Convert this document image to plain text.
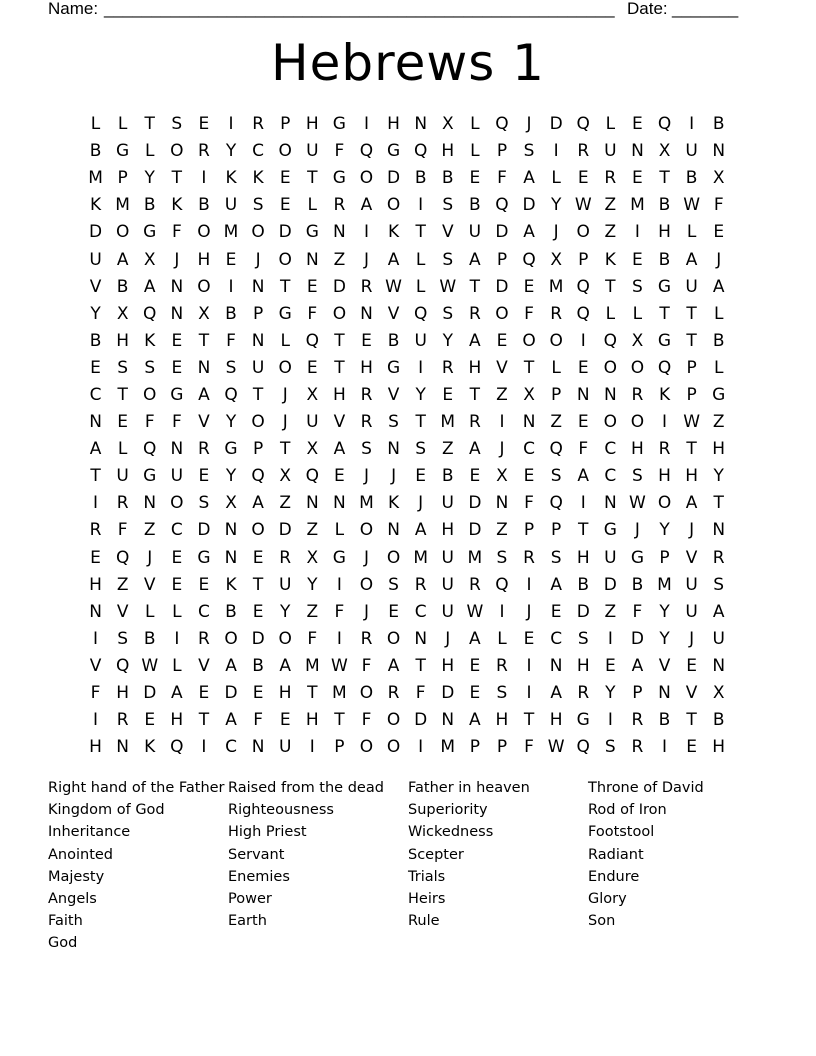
Name: ______________________________________________________ Date: _______
Hebrews 1
L	L	T S E	I	R P H G	I	H N X L Q	J	D Q L E Q	I	B
B G L O R Y C O U F Q G Q H L	P S	I	R U N X U N
M P Y T	I	K K E T G O D B B E F A L E R E T B X
K M B K B U S E L R A O	I	S B Q D Y W Z M B W F
D O G F O M O D G N	I	K T V U D A	J	O Z	I	H L E
U A X	J	H E	J	O N Z	J	A L S A P Q X P K E B A	J
V B A N O	I	N T E D R W L W T D E M Q T S G U A
Y X Q N X B P G F O N V Q S R O F R Q L	L	T T	L
B H K E T	F N L Q T E B U Y A E O O	I	Q X G T B
E S S E N S U O E T H G	I	R H V T	L E O O Q P	L
C T O G A Q T	J	X H R V Y E T Z X P N N R K P G
N E F	F V Y O	J	U V R S T M R	I	N Z E O O	I W Z
A L Q N R G P T X A S N S Z A	J	C Q F C H R T H
T U G U E Y Q X Q E	J	J	E B E X E S A C S H H Y
I	R N O S X A Z N N M K	J	U D N F Q	I	N W O A T
R F Z C D N O D Z L O N A H D Z P P T G	J	Y	J	N
E Q	J	E G N E R X G	J	O M U M S R S H U G P V R
H Z V E E K T U Y	I	O S R U R Q	I	A B D B M U S
N V L	L C B E Y Z F	J	E C U W I	J	E D Z F	Y U A
I	S B	I	R O D O F	I	R O N	J	A L E C S	I	D Y	J	U
V Q W L V A B A M W F A T H E R	I	N H E A V E N
F H D A E D E H T M O R F D E S	I	A R Y P N V X
I	R E H T A F E H T	F O D N A H T H G	I	R B T B
H N K Q	I	C N U	I	P O O	I	M P P	F W Q S R	I	E H
Right hand of the Father
Kingdom of God
Inheritance
Anointed
Majesty
Angels
Faith
God
Raised from the dead
Righteousness
High Priest
Servant
Enemies
Power
Earth
Father in heaven
Superiority
Wickedness
Scepter
Trials
Heirs
Rule
Throne of David
Rod of Iron
Footstool
Radiant
Endure
Glory
Son
